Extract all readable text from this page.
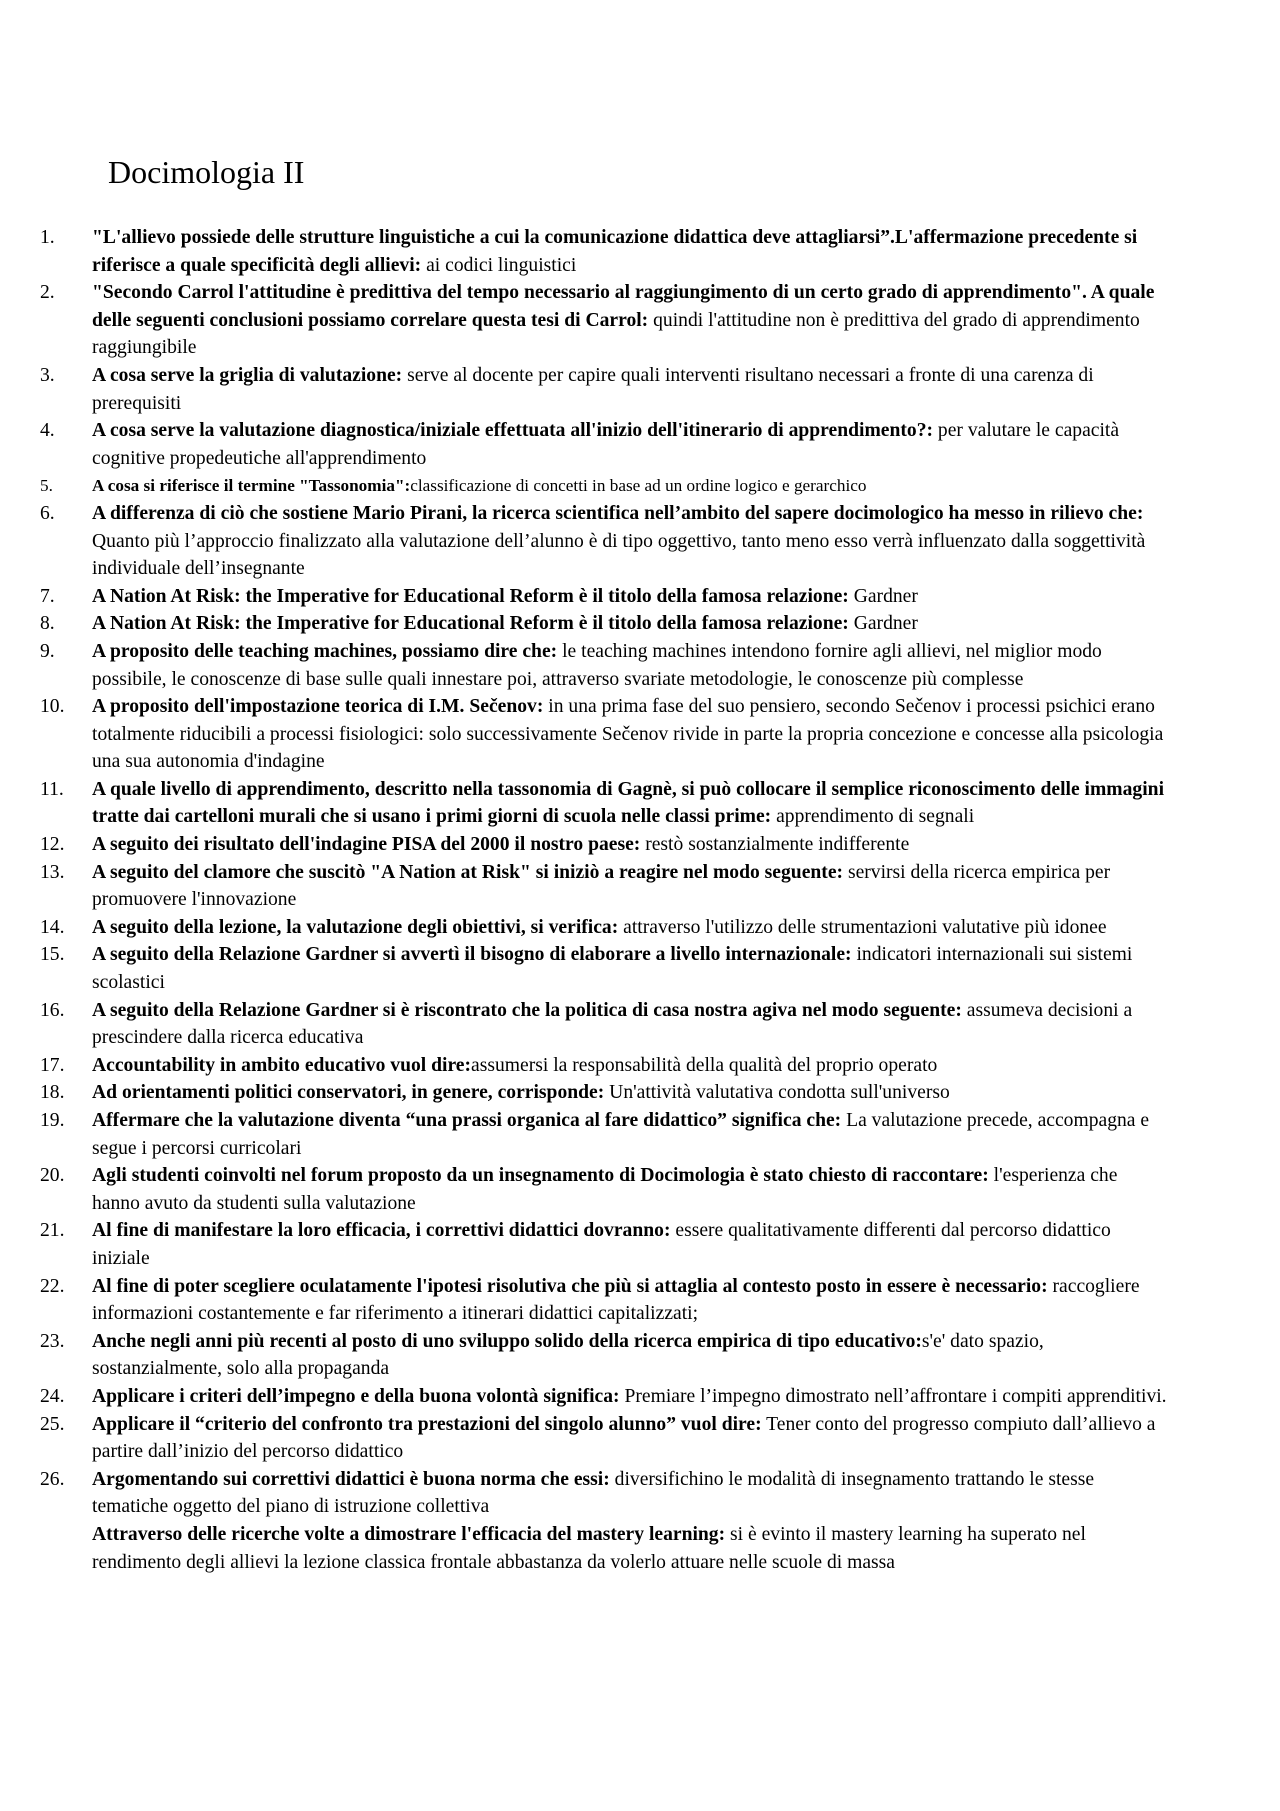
Docimologia II
1.	"L'allievo possiede delle strutture linguistiche a cui la comunicazione didattica deve attagliarsi”.L'affermazione precedente si riferisce a quale specificità degli allievi: ai codici linguistici
2.	"Secondo Carrol l'attitudine è predittiva del tempo necessario al raggiungimento di un certo grado di apprendimento". A quale delle seguenti conclusioni possiamo correlare questa tesi di Carrol: quindi l'attitudine non è predittiva del grado di apprendimento raggiungibile
3.	A cosa serve la griglia di valutazione: serve al docente per capire quali interventi risultano necessari a fronte di una carenza di prerequisiti
4.	A cosa serve la valutazione diagnostica/iniziale effettuata all'inizio dell'itinerario di apprendimento?: per valutare le capacità cognitive propedeutiche all'apprendimento
5.	A cosa si riferisce il termine "Tassonomia":classificazione di concetti in base ad un ordine logico e gerarchico
6.	A differenza di ciò che sostiene Mario Pirani, la ricerca scientifica nell’ambito del sapere docimologico ha messo in rilievo che: Quanto più l’approccio finalizzato alla valutazione dell’alunno è di tipo oggettivo, tanto meno esso verrà influenzato dalla soggettività individuale dell’insegnante
7.	A Nation At Risk: the Imperative for Educational Reform è il titolo della famosa relazione: Gardner
8.	A Nation At Risk: the Imperative for Educational Reform è il titolo della famosa relazione: Gardner
9.	A proposito delle teaching machines, possiamo dire che: le teaching machines intendono fornire agli allievi, nel miglior modo possibile, le conoscenze di base sulle quali innestare poi, attraverso svariate metodologie, le conoscenze più complesse
10.	A proposito dell'impostazione teorica di I.M. Sečenov: in una prima fase del suo pensiero, secondo Sečenov i processi psichici erano totalmente riducibili a processi fisiologici: solo successivamente Sečenov rivide in parte la propria concezione e concesse alla psicologia una sua autonomia d'indagine
11.	A quale livello di apprendimento, descritto nella tassonomia di Gagnè, si può collocare il semplice riconoscimento delle immagini tratte dai cartelloni murali che si usano i primi giorni di scuola nelle classi prime: apprendimento di segnali
12.	A seguito dei risultato dell'indagine PISA del 2000 il nostro paese: restò sostanzialmente indifferente
13.	A seguito del clamore che suscitò "A Nation at Risk" si iniziò a reagire nel modo seguente: servirsi della ricerca empirica per promuovere l'innovazione
14.	A seguito della lezione, la valutazione degli obiettivi, si verifica: attraverso l'utilizzo delle strumentazioni valutative più idonee
15.	A seguito della Relazione Gardner si avvertì il bisogno di elaborare a livello internazionale: indicatori internazionali sui sistemi scolastici
16.	A seguito della Relazione Gardner si è riscontrato che la politica di casa nostra agiva nel modo seguente: assumeva decisioni a prescindere dalla ricerca educativa
17.	Accountability in ambito educativo vuol dire:assumersi la responsabilità della qualità del proprio operato
18.	Ad orientamenti politici conservatori, in genere, corrisponde: Un'attività valutativa condotta sull'universo
19.	Affermare che la valutazione diventa “una prassi organica al fare didattico” significa che: La valutazione precede, accompagna e segue i percorsi curricolari
20.	Agli studenti coinvolti nel forum proposto da un insegnamento di Docimologia è stato chiesto di raccontare: l'esperienza che hanno avuto da studenti sulla valutazione
21.	Al fine di manifestare la loro efficacia, i correttivi didattici dovranno: essere qualitativamente differenti dal percorso didattico iniziale
22.	Al fine di poter scegliere oculatamente l'ipotesi risolutiva che più si attaglia al contesto posto in essere è necessario: raccogliere informazioni costantemente e far riferimento a itinerari didattici capitalizzati;
23.	Anche negli anni più recenti al posto di uno sviluppo solido della ricerca empirica di tipo educativo:s'e' dato spazio, sostanzialmente, solo alla propaganda
24.	Applicare i criteri dell’impegno e della buona volontà significa: Premiare l’impegno dimostrato nell’affrontare i compiti apprenditivi.
25.	Applicare il “criterio del confronto tra prestazioni del singolo alunno” vuol dire: Tener conto del progresso compiuto dall’allievo a partire dall’inizio del percorso didattico
26.	Argomentando sui correttivi didattici è buona norma che essi: diversifichino le modalità di insegnamento trattando le stesse tematiche oggetto del piano di istruzione collettiva
Attraverso delle ricerche volte a dimostrare l'efficacia del mastery learning: si è evinto il mastery learning ha superato nel rendimento degli allievi la lezione classica frontale abbastanza da volerlo attuare nelle scuole di massa
